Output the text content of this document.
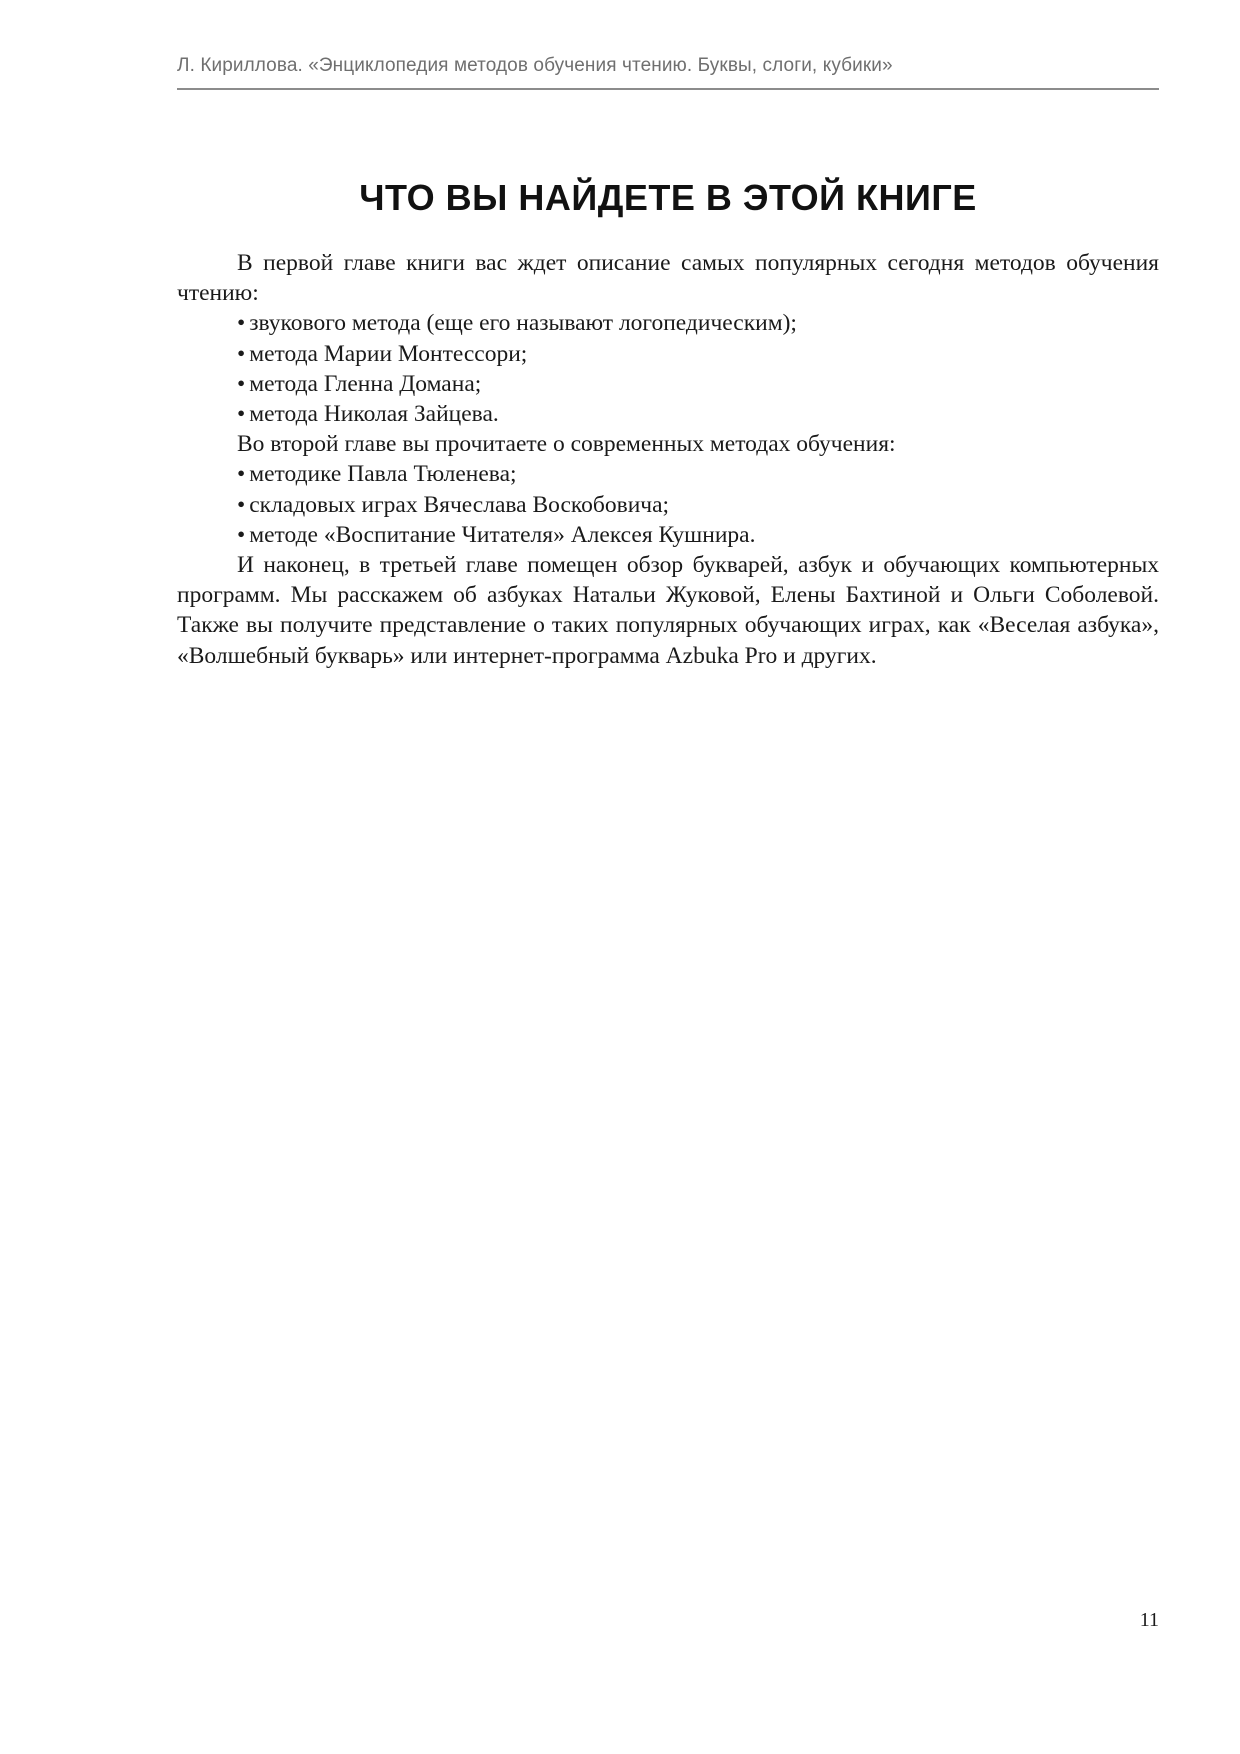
Л. Кириллова. «Энциклопедия методов обучения чтению. Буквы, слоги, кубики»
ЧТО ВЫ НАЙДЕТЕ В ЭТОЙ КНИГЕ

В первой главе книги вас ждет описание самых популярных сегодня методов обучения чтению:

• звукового метода (еще его называют логопедическим);

• метода Марии Монтессори;

• метода Гленна Домана;

• метода Николая Зайцева.

Во второй главе вы прочитаете о современных методах обучения:

• методике Павла Тюленева;

• складовых играх Вячеслава Воскобовича;

• методе «Воспитание Читателя» Алексея Кушнира.

И наконец, в третьей главе помещен обзор букварей, азбук и обучающих компьютерных программ. Мы расскажем об азбуках Натальи Жуковой, Елены Бахтиной и Ольги Соболевой. Также вы получите представление о таких популярных обучающих играх, как «Веселая азбука», «Волшебный букварь» или интернет-программа Azbuka Pro и других.

11
